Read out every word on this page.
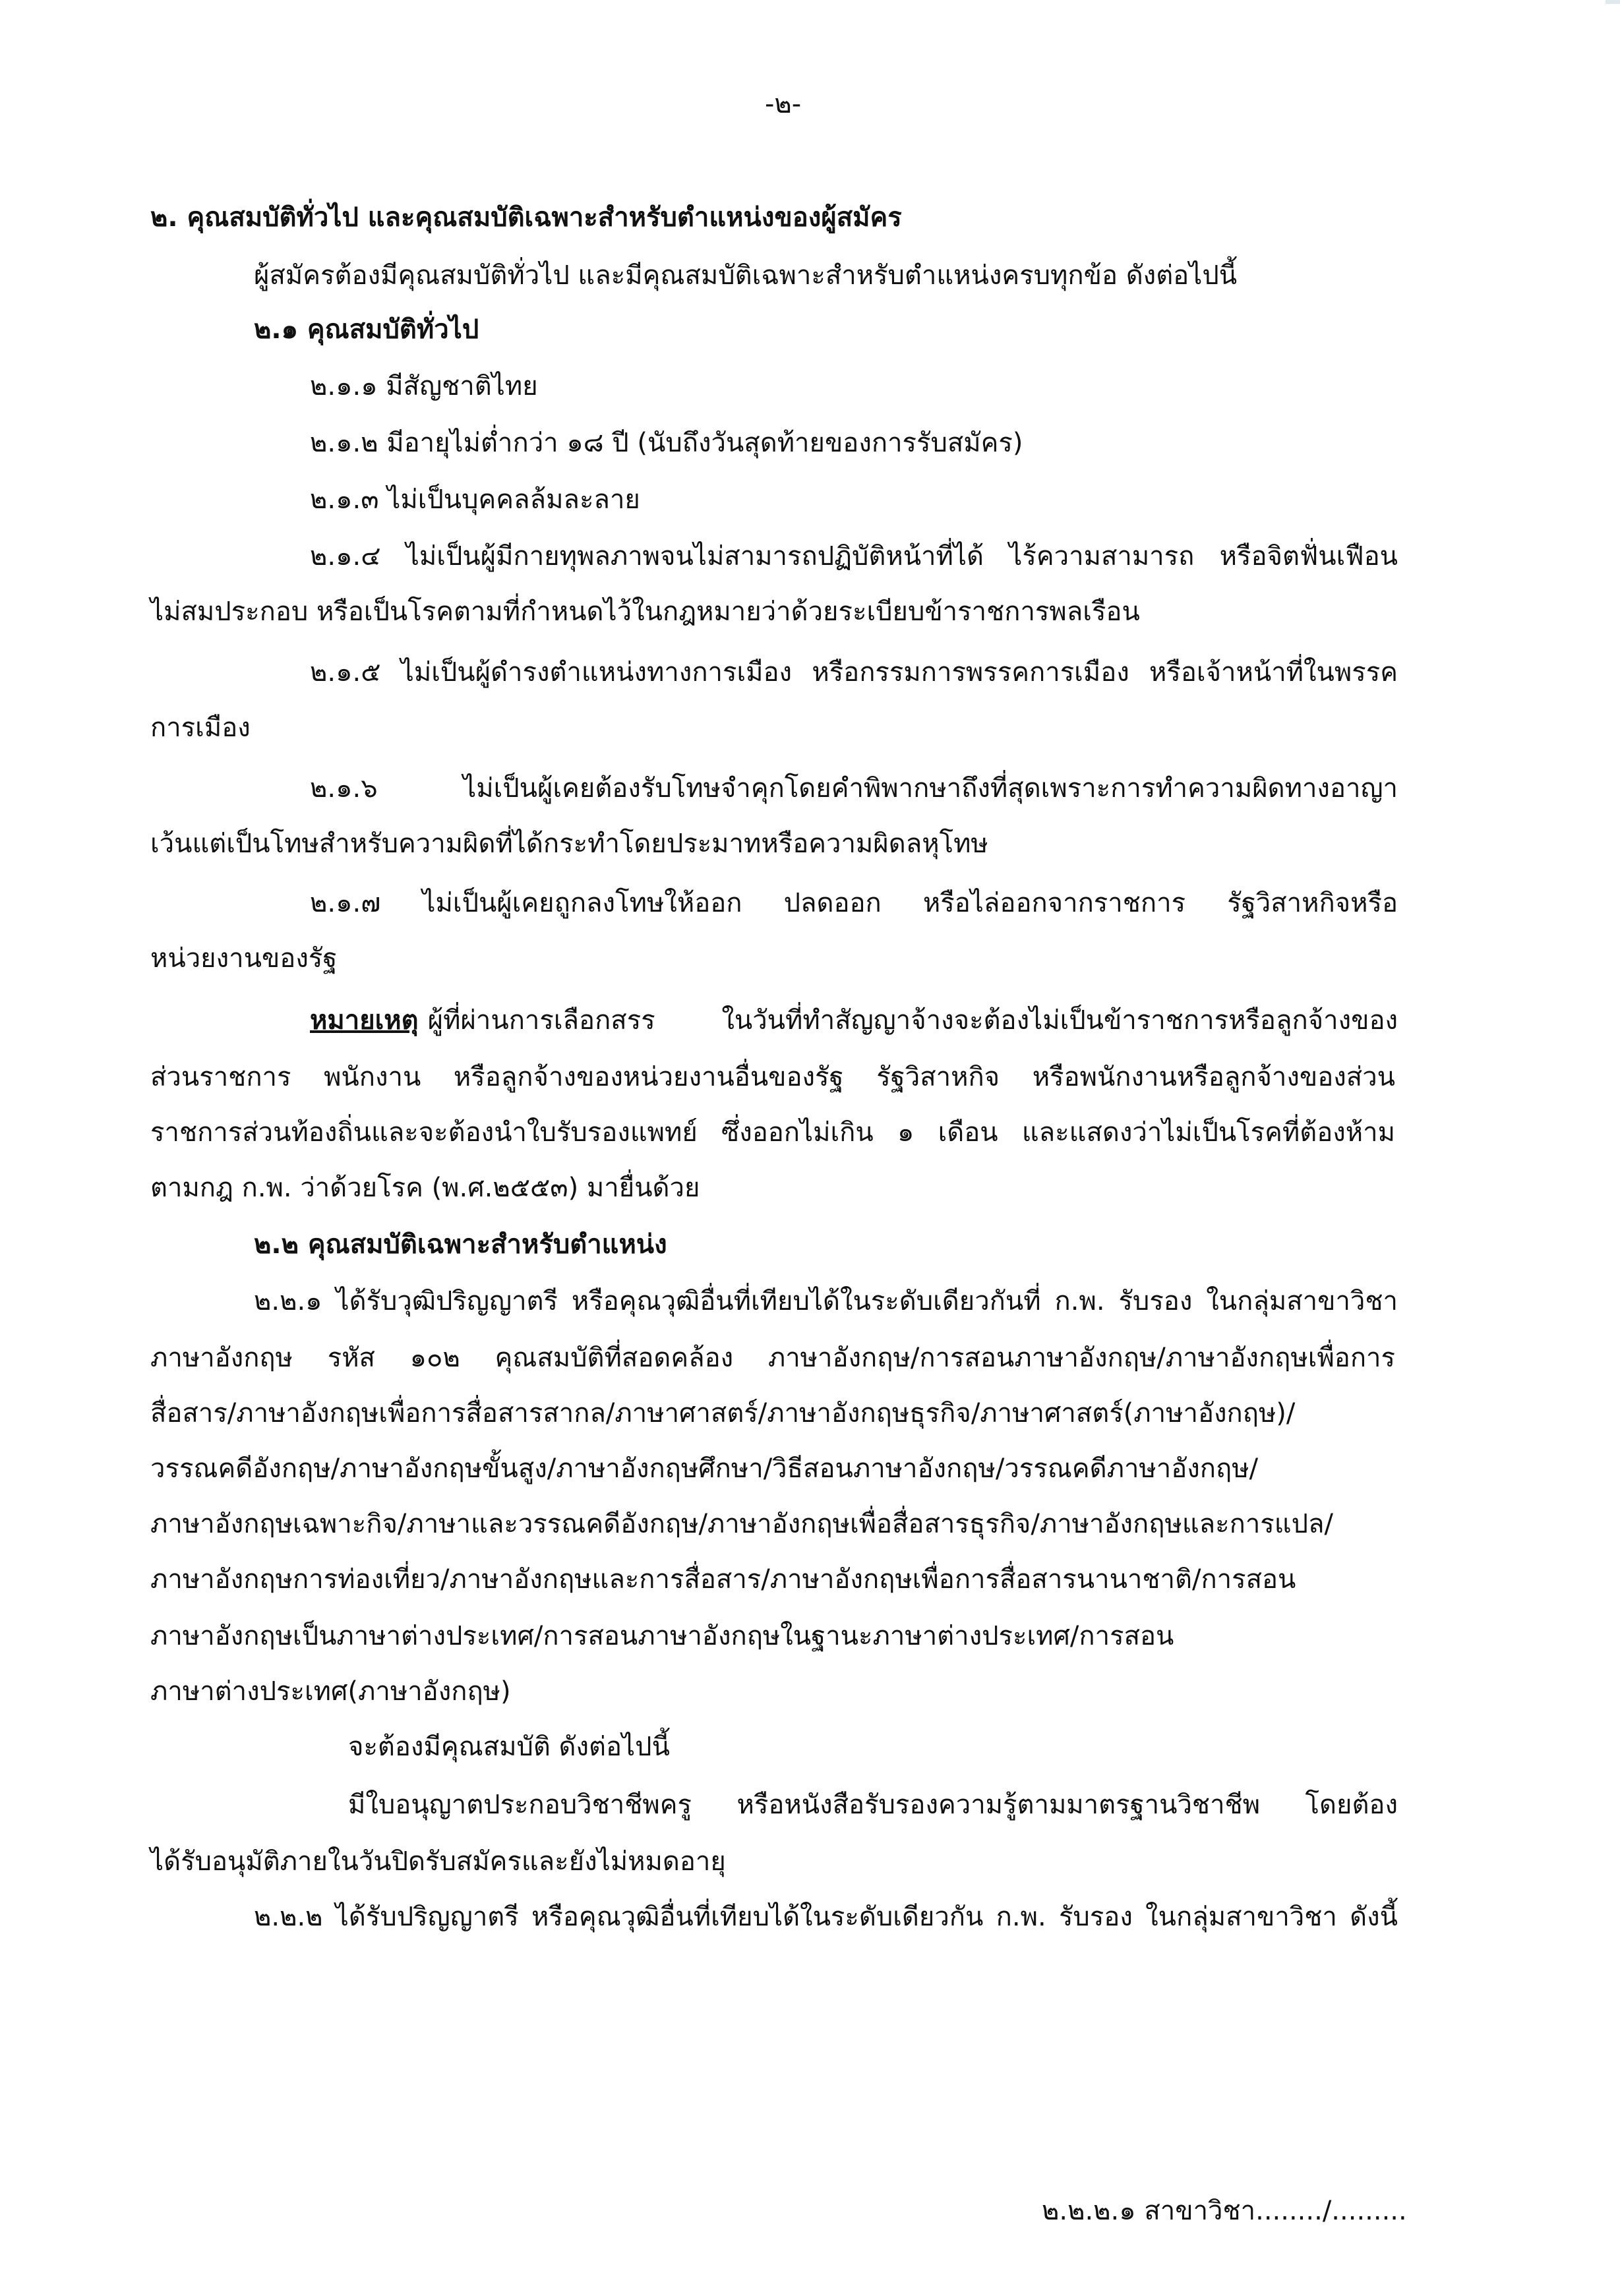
-๒-

๒. คุณสมบัติทั่วไป และคุณสมบัติเฉพาะสำหรับตำแหน่งของผู้สมัคร

ผู้สมัครต้องมีคุณสมบัติทั่วไป และมีคุณสมบัติเฉพาะสำหรับตำแหน่งครบทุกข้อ ดังต่อไปนี้

๒.๑ คุณสมบัติทั่วไป

๒.๑.๑ มีสัญชาติไทย

๒.๑.๒ มีอายุไม่ต่ำกว่า ๑๘ ปี (นับถึงวันสุดท้ายของการรับสมัคร)

๒.๑.๓ ไม่เป็นบุคคลล้มละลาย

๒.๑.๔ ไม่เป็นผู้มีกายทุพลภาพจนไม่สามารถปฏิบัติหน้าที่ได้ ไร้ความสามารถ หรือจิตฟั่นเฟือน

ไม่สมประกอบ หรือเป็นโรคตามที่กำหนดไว้ในกฎหมายว่าด้วยระเบียบข้าราชการพลเรือน

๒.๑.๕ ไม่เป็นผู้ดำรงตำแหน่งทางการเมือง หรือกรรมการพรรคการเมือง หรือเจ้าหน้าที่ในพรรค

การเมือง

๒.๑.๖ ไม่เป็นผู้เคยต้องรับโทษจำคุกโดยคำพิพากษาถึงที่สุดเพราะการทำความผิดทางอาญา

เว้นแต่เป็นโทษสำหรับความผิดที่ได้กระทำโดยประมาทหรือความผิดลหุโทษ

๒.๑.๗ ไม่เป็นผู้เคยถูกลงโทษให้ออก ปลดออก หรือไล่ออกจากราชการ รัฐวิสาหกิจหรือ

หน่วยงานของรัฐ

หมายเหตุ ผู้ที่ผ่านการเลือกสรร ในวันที่ทำสัญญาจ้างจะต้องไม่เป็นข้าราชการหรือลูกจ้างของ

ส่วนราชการ พนักงาน หรือลูกจ้างของหน่วยงานอื่นของรัฐ รัฐวิสาหกิจ หรือพนักงานหรือลูกจ้างของส่วน

ราชการส่วนท้องถิ่นและจะต้องนำใบรับรองแพทย์ ซึ่งออกไม่เกิน ๑ เดือน และแสดงว่าไม่เป็นโรคที่ต้องห้าม

ตามกฎ ก.พ. ว่าด้วยโรค (พ.ศ.๒๕๕๓) มายื่นด้วย

๒.๒ คุณสมบัติเฉพาะสำหรับตำแหน่ง

๒.๒.๑ ได้รับวุฒิปริญญาตรี หรือคุณวุฒิอื่นที่เทียบได้ในระดับเดียวกันที่ ก.พ. รับรอง ในกลุ่มสาขาวิชา

ภาษาอังกฤษ รหัส ๑๐๒ คุณสมบัติที่สอดคล้อง ภาษาอังกฤษ/การสอนภาษาอังกฤษ/ภาษาอังกฤษเพื่อการ

สื่อสาร/ภาษาอังกฤษเพื่อการสื่อสารสากล/ภาษาศาสตร์/ภาษาอังกฤษธุรกิจ/ภาษาศาสตร์(ภาษาอังกฤษ)/

วรรณคดีอังกฤษ/ภาษาอังกฤษขั้นสูง/ภาษาอังกฤษศึกษา/วิธีสอนภาษาอังกฤษ/วรรณคดีภาษาอังกฤษ/

ภาษาอังกฤษเฉพาะกิจ/ภาษาและวรรณคดีอังกฤษ/ภาษาอังกฤษเพื่อสื่อสารธุรกิจ/ภาษาอังกฤษและการแปล/

ภาษาอังกฤษการท่องเที่ยว/ภาษาอังกฤษและการสื่อสาร/ภาษาอังกฤษเพื่อการสื่อสารนานาชาติ/การสอน

ภาษาอังกฤษเป็นภาษาต่างประเทศ/การสอนภาษาอังกฤษในฐานะภาษาต่างประเทศ/การสอน

ภาษาต่างประเทศ(ภาษาอังกฤษ)

จะต้องมีคุณสมบัติ ดังต่อไปนี้

มีใบอนุญาตประกอบวิชาชีพครู หรือหนังสือรับรองความรู้ตามมาตรฐานวิชาชีพ โดยต้อง

ได้รับอนุมัติภายในวันปิดรับสมัครและยังไม่หมดอายุ

๒.๒.๒ ได้รับปริญญาตรี หรือคุณวุฒิอื่นที่เทียบได้ในระดับเดียวกัน ก.พ. รับรอง ในกลุ่มสาขาวิชา ดังนี้

๒.๒.๒.๑ สาขาวิชา......../.........
